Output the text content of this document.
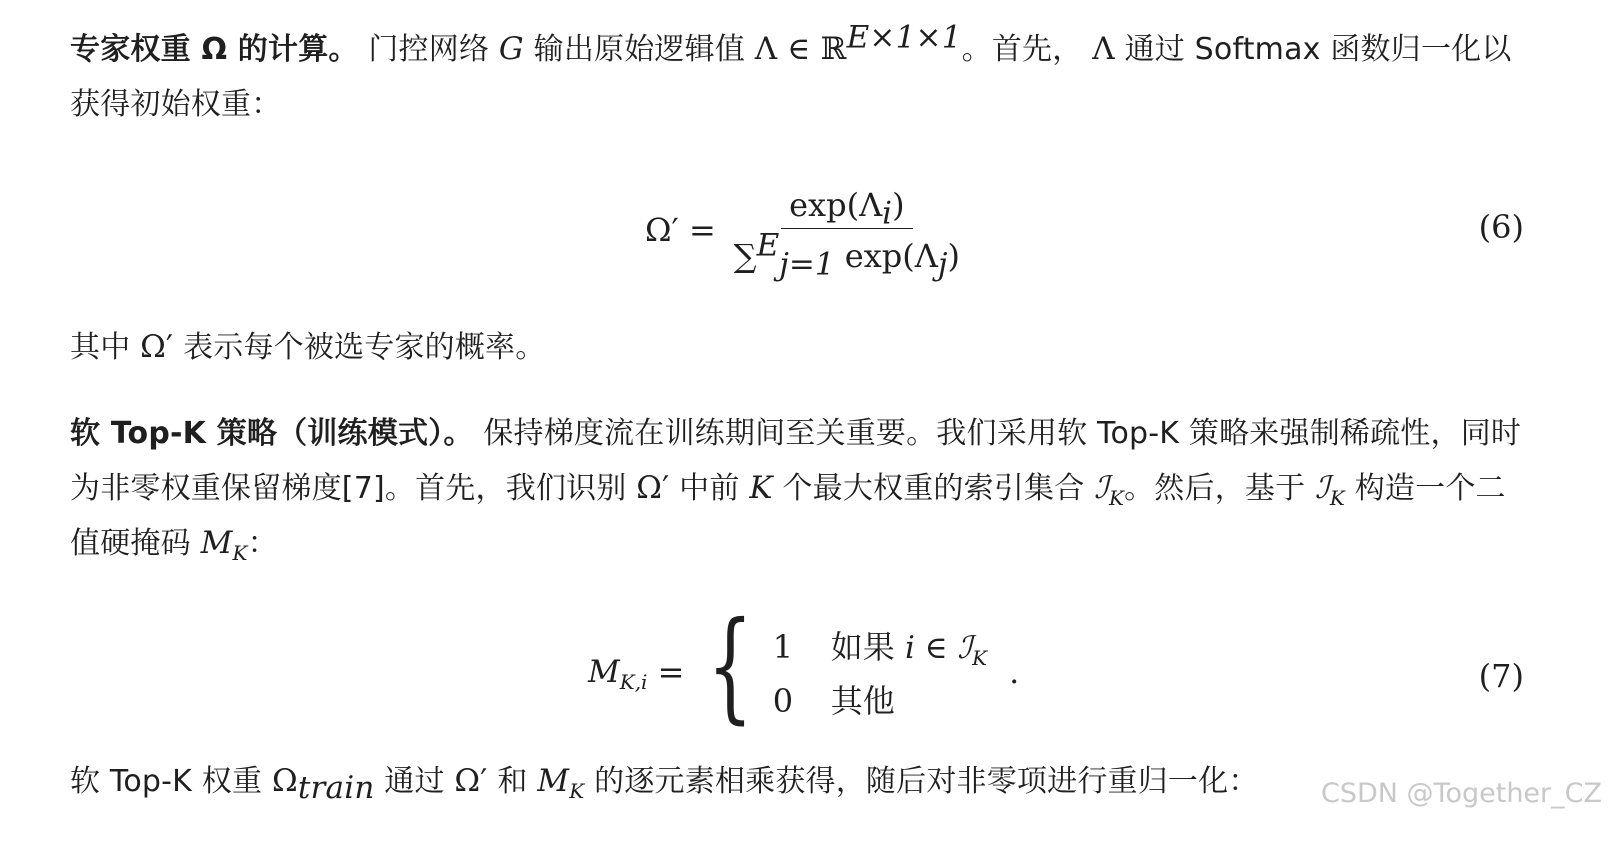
专家权重 Ω 的计算。 门控网络 G 输出原始逻辑值 Λ ∈ ℝ$^{E\times 1\times 1}$。首先， Λ 通过 Softmax 函数归一化以获得初始权重：

$\Omega' = \frac{\exp(\Lambda_i)}{\sum^E_{j=1} \exp(\Lambda_j)}$	(6)

其中 Ω′ 表示每个被选专家的概率。

软 Top-K 策略（训练模式）。 保持梯度流在训练期间至关重要。我们采用软 Top-K 策略来强制稀疏性，同时为非零权重保留梯度[7]。首先，我们识别 Ω′ 中前 K 个最大权重的索引集合 ℐ$_K$。然后，基于 ℐ$_K$ 构造一个二值硬掩码 $M_K$：

$M_{K,i}$
= { 1	如果
i ∈ ℐ$_K$
0	其他
.	(7)

软 Top-K 权重 $\Omega_{train}$ 通过 Ω′ 和 $M_K$ 的逐元素相乘获得，随后对非零项进行重归一化： CSDN @Together_CZ
